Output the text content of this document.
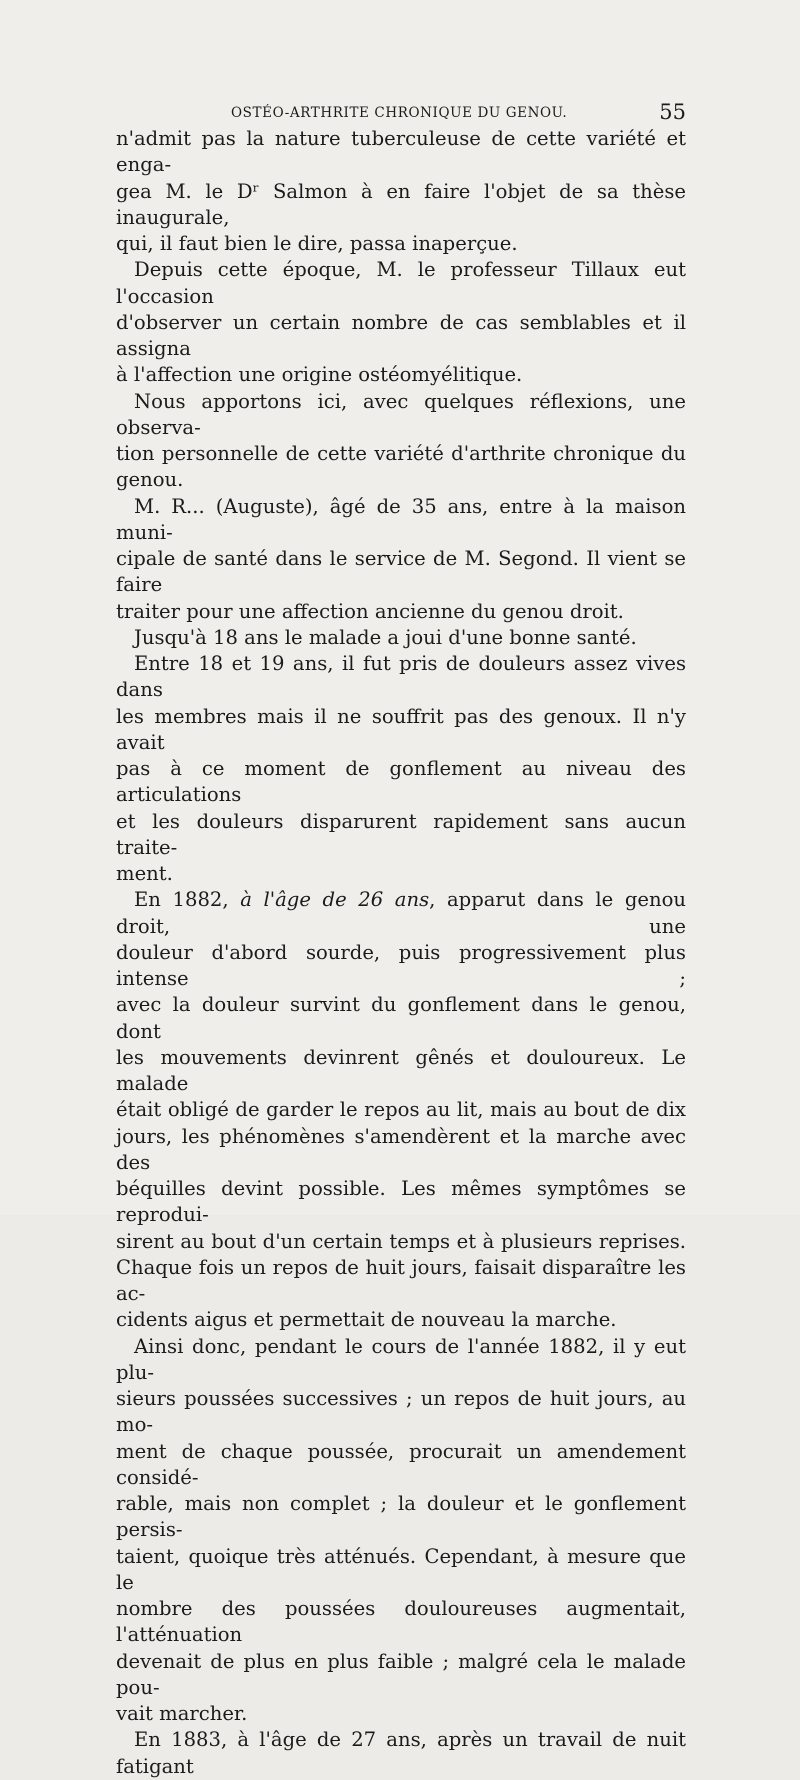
OSTÉO-ARTHRITE CHRONIQUE DU GENOU.	55

n'admit pas la nature tuberculeuse de cette variété et enga-
gea M. le Dʳ Salmon à en faire l'objet de sa thèse inaugurale,
qui, il faut bien le dire, passa inaperçue.

Depuis cette époque, M. le professeur Tillaux eut l'occasion
d'observer un certain nombre de cas semblables et il assigna
à l'affection une origine ostéomyélitique.

Nous apportons ici, avec quelques réflexions, une observa-
tion personnelle de cette variété d'arthrite chronique du
genou.

M. R... (Auguste), âgé de 35 ans, entre à la maison muni-
cipale de santé dans le service de M. Segond. Il vient se faire
traiter pour une affection ancienne du genou droit.

Jusqu'à 18 ans le malade a joui d'une bonne santé.

Entre 18 et 19 ans, il fut pris de douleurs assez vives dans
les membres mais il ne souffrit pas des genoux. Il n'y avait
pas à ce moment de gonflement au niveau des articulations
et les douleurs disparurent rapidement sans aucun traite-
ment.

En 1882, à l'âge de 26 ans, apparut dans le genou droit, une
douleur d'abord sourde, puis progressivement plus intense ;
avec la douleur survint du gonflement dans le genou, dont
les mouvements devinrent gênés et douloureux. Le malade
était obligé de garder le repos au lit, mais au bout de dix
jours, les phénomènes s'amendèrent et la marche avec des
béquilles devint possible. Les mêmes symptômes se reprodui-
sirent au bout d'un certain temps et à plusieurs reprises.
Chaque fois un repos de huit jours, faisait disparaître les ac-
cidents aigus et permettait de nouveau la marche.

Ainsi donc, pendant le cours de l'année 1882, il y eut plu-
sieurs poussées successives ; un repos de huit jours, au mo-
ment de chaque poussée, procurait un amendement considé-
rable, mais non complet ; la douleur et le gonflement persis-
taient, quoique très atténués. Cependant, à mesure que le
nombre des poussées douloureuses augmentait, l'atténuation
devenait de plus en plus faible ; malgré cela le malade pou-
vait marcher.

En 1883, à l'âge de 27 ans, après un travail de nuit fatigant
